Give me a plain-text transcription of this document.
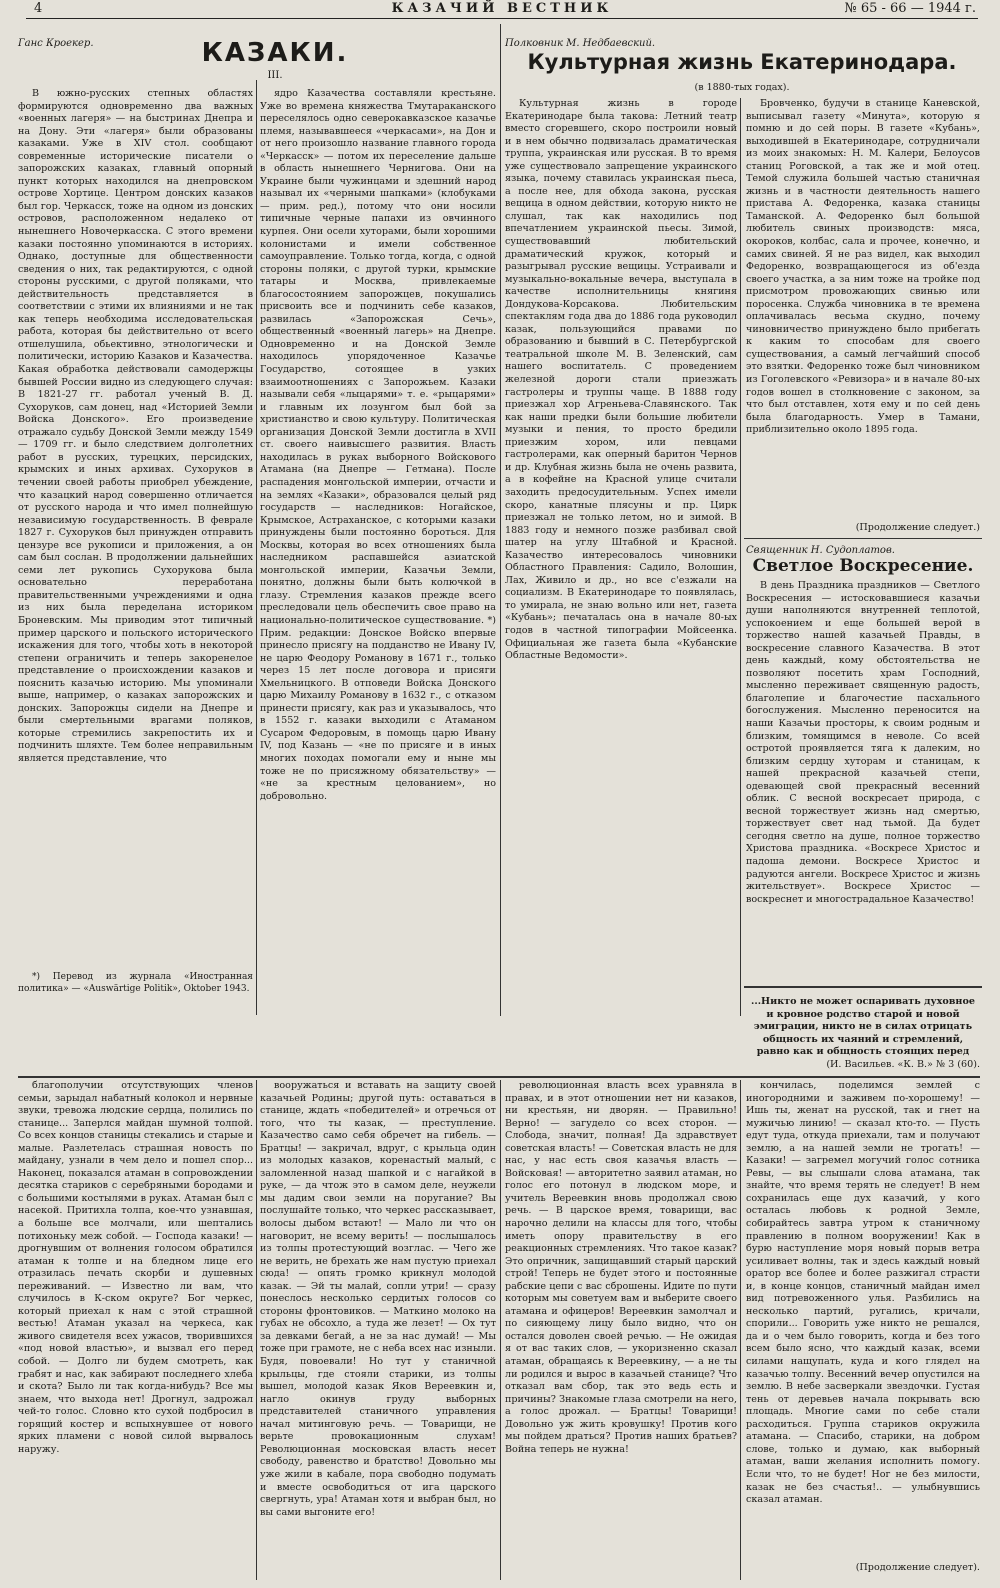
4	КАЗАЧИЙ ВЕСТНИК	№ 65 - 66 — 1944 г.
Ганс Кроекер.	КАЗАКИ.
III.

В южно-русских степных областях формируются одновременно два важных «военных лагеря» — на быстринах Днепра и на Дону. Эти «лагеря» были образованы казаками. Уже в XIV стол. сообщают современные исторические писатели о запорожских казаках, главный опорный пункт которых находился на днепровском острове Хортице. Центром донских казаков был гор. Черкасск, тоже на одном из донских островов, расположенном недалеко от нынешнего Новочеркасска. С этого времени казаки постоянно упоминаются в историях. Однако, доступные для общественности сведения о них, так редактируются, с одной стороны русскими, с другой поляками, что действительность представляется в соответствии с этими их влияниями и не так как теперь необходима исследовательская работа, которая бы действительно от всего отшелушила, обьективно, этнологически и политически, историю Казаков и Казачества. Какая обработка действовали самодержцы бывшей России видно из следующего случая: В 1821-27 гг. работал ученый В. Д. Сухоруков, сам донец, над «Историей Земли Войска Донского». Его произведение отражало судьбу Донской Земли между 1549 — 1709 гг. и было следствием долголетних работ в русских, турецких, персидских, крымских и иных архивах. Сухоруков в течении своей работы приобрел убеждение, что казацкий народ совершенно отличается от русского народа и что имел полнейшую независимую государственность. В феврале 1827 г. Сухоруков был принужден отправить цензуре все рукописи и приложения, а он сам был сослан. В продолжении дальнейших семи лет рукопись Сухорукова была основательно переработана правительственными учреждениями и одна из них была переделана историком Броневским. Мы приводим этот типичный пример царского и польского исторического искажения для того, чтобы хоть в некоторой степени ограничить и теперь закоренелое представление о происхождении казаков и пояснить казачью историю. Мы упоминали выше, например, о казаках запорожских и донских. Запорожцы сидели на Днепре и были смертельными врагами поляков, которые стремились закрепостить их и подчинить шляхте. Тем более неправильным является представление, что

*) Перевод из журнала «Иностранная политика» — «Auswärtige Politik», Oktober 1943.

ядро Казачества составляли крестьяне. Уже во времена княжества Тмутараканского переселялось одно северокавказское казачье племя, называвшееся «черкасами», на Дон и от него произошло название главного города «Черкасск» — потом их переселение дальше в область нынешнего Чернигова. Они на Украине были чужинцами и здешний народ называл их «черными шапками» (клобуками — прим. ред.), потому что они носили типичные черные папахи из овчинного курпея. Они осели хуторами, были хорошими колонистами и имели собственное самоуправление. Только тогда, когда, с одной стороны поляки, с другой турки, крымские татары и Москва, привлекаемые благосостоянием запорожцев, покушались присвоить все и подчинить себе казаков, развилась «Запорожская Сечь», общественный «военный лагерь» на Днепре. Одновременно и на Донской Земле находилось упорядоченное Казачье Государство, сотоящее в узких взаимоотношениях с Запорожьем. Казаки называли себя «лыцарями» т. е. «рыцарями» и главным их лозунгом был бой за христианство и свою культуру. Политическая организация Донской Земли достигла в XVII ст. своего наивысшего развития. Власть находилась в руках выборного Войскового Атамана (на Днепре — Гетмана). После распадения монгольской империи, отчасти и на землях «Казаки», образовался целый ряд государств — наследников: Ногайское, Крымское, Астраханское, с которыми казаки принуждены были постоянно бороться. Для Москвы, которая во всех отношениях была наследником распавшейся азиатской монгольской империи, Казачьи Земли, понятно, должны были быть колючкой в глазу. Стремления казаков прежде всего преследовали цель обеспечить свое право на национально-политическое существование. *) Прим. редакции: Донское Войско впервые принесло присягу на подданство не Ивану IV, не царю Феодору Романову в 1671 г., только через 15 лет после договора и присяги Хмельницкого. В отповеди Войска Донского царю Михаилу Романову в 1632 г., с отказом принести присягу, как раз и указывалось, что в 1552 г. казаки выходили с Атаманом Сусаром Федоровым, в помощь царю Ивану IV, под Казань — «не по присяге и в иных многих походах помогали ему и ныне мы тоже не по присяжному обязательству» — «не за крестным целованием», но добровольно.

Полковник М. Недбаевский.
Культурная жизнь Екатеринодара.
(в 1880-тых годах).

Культурная жизнь в городе Екатеринодаре была такова: Летний театр вместо сгоревшего, скоро построили новый и в нем обычно подвизалась драматическая труппа, украинская или русская. В то время уже существовало запрещение украинского языка, почему ставилась украинская пьеса, а после нее, для обхода закона, русская вещица в одном действии, которую никто не слушал, так как находились под впечатлением украинской пьесы. Зимой, существовавший любительский драматический кружок, который и разыгрывал русские вещицы. Устраивали и музыкально-вокальные вечера, выступала в качестве исполнительницы княгиня Дондукова-Корсакова. Любительским спектаклям года два до 1886 года руководил казак, пользующийся правами по образованию и бывший в С. Петербургской театральной школе М. В. Зеленский, сам нашего воспитатель. С проведением железной дороги стали приезжать гастролеры и труппы чаще. В 1888 году приезжал хор Агреньева-Славянского. Так как наши предки были большие любители музыки и пения, то просто бредили приезжим хором, или певцами гастролерами, как оперный баритон Чернов и др. Клубная жизнь была не очень развита, а в кофейне на Красной улице считали заходить предосудительным. Успех имели скоро, канатные плясуны и пр. Цирк приезжал не только летом, но и зимой. В 1883 году и немного позже разбивал свой шатер на углу Штабной и Красной. Казачество интересовалось чиновники Областного Правления: Садило, Волошин, Лах, Живило и др., но все с'езжали на социализм. В Екатеринодаре то появлялась, то умирала, не знаю вольно или нет, газета «Кубань»; печаталась она в начале 80-ых годов в частной типографии Мойсеенка. Официальная же газета была «Кубанские Областные Ведомости».

Бровченко, будучи в станице Каневской, выписывал газету «Минута», которую я помню и до сей поры. В газете «Кубань», выходившей в Екатеринодаре, сотрудничали из моих знакомых: Н. М. Калери, Белоусов станиц Роговской, а так же и мой отец. Темой служила большей частью станичная жизнь и в частности деятельность нашего пристава А. Федоренка, казака станицы Таманской. А. Федоренко был большой любитель свиных производств: мяса, окороков, колбас, сала и прочее, конечно, и самих свиней. Я не раз видел, как выходил Федоренко, возвращающегося из об'езда своего участка, а за ним тоже на тройке под присмотром провожающих свинью или поросенка. Служба чиновника в те времена оплачивалась весьма скудно, почему чиновничество принуждено было прибегать к каким то способам для своего существования, а самый легчайший способ это взятки. Федоренко тоже был чиновником из Гоголевского «Ревизора» и в начале 80-ых годов вошел в столкновение с законом, за что был отставлен, хотя ему и по сей день была благодарность. Умер в Тамани, приблизительно около 1895 года.

(Продолжение следует.)
Священник Н. Судоплатов.
Светлое Воскресение.

В день Праздника праздников — Светлого Воскресения — истосковавшиеся казачьи души наполняются внутренней теплотой, успокоением и еще большей верой в торжество нашей казачьей Правды, в воскресение славного Казачества. В этот день каждый, кому обстоятельства не позволяют посетить храм Господний, мысленно переживает священную радость, благолепие и благочестие пасхального богослужения. Мысленно переносится на наши Казачьи просторы, к своим родным и близким, томящимся в неволе. Со всей остротой проявляется тяга к далеким, но близким сердцу хуторам и станицам, к нашей прекрасной казачьей степи, одевающей свой прекрасный весенний облик. С весной воскресает природа, с весной торжествует жизнь над смертью, торжествует свет над тьмой. Да будет сегодня светло на душе, полное торжество Христова праздника. «Воскресе Христос и падоша демони. Воскресе Христос и радуются ангели. Воскресе Христос и жизнь жительствует». Воскресе Христос — воскреснет и многострадальное Казачество!

...Никто не может оспаривать духовное и кровное родство старой и новой эмиграции, никто не в силах отрицать общность их чаяний и стремлений, равно как и общность стоящих перед
(И. Васильев. «К. В.» № 3 (60).

благополучии отсутствующих членов семьи, зарыдал набатный колокол и нервные звуки, тревожа людские сердца, полились по станице... Заперлся майдан шумной толпой. Со всех концов станицы стекались и старые и малые. Разлетелась страшная новость по майдану, узнали в чем дело и пошел спор... Наконец, показался атаман в сопровождении десятка стариков с серебряными бородами и с большими костылями в руках. Атаман был с насекой. Притихла толпа, кое-что узнавшая, а больше все молчали, или шептались потихоньку меж собой. — Господа казаки! — дрогнувшим от волнения голосом обратился атаман к толпе и на бледном лице его отразилась печать скорби и душевных переживаний. — Известно ли вам, что случилось в К-ском округе? Бог черкес, который приехал к нам с этой страшной вестью! Атаман указал на черкеса, как живого свидетеля всех ужасов, творившихся «под новой властью», и вызвал его перед собой. — Долго ли будем смотреть, как грабят и нас, как забирают последнего хлеба и скота? Было ли так когда-нибудь? Все мы знаем, что выхода нет! Дрогнул, задрожал чей-то голос. Словно кто сухой подбросил в горящий костер и вспыхнувшее от нового ярких пламени с новой силой вырвалось наружу.

вооружаться и вставать на защиту своей казачьей Родины; другой путь: оставаться в станице, ждать «победителей» и отречься от того, что ты казак, — преступление. Казачество само себя обречет на гибель. — Братцы! — закричал, вдруг, с крыльца один из молодых казаков, коренастый малый, с заломленной назад шапкой и с нагайкой в руке, — да чтож это в самом деле, неужели мы дадим свои земли на поругание? Вы послушайте только, что черкес рассказывает, волосы дыбом встают! — Мало ли что он наговорит, не всему верить! — послышалось из толпы протестующий возглас. — Чего же не верить, не брехать же нам пустую приехал сюда! — опять громко крикнул молодой казак. — Эй ты малай, сопли утри! — сразу понеслось несколько сердитых голосов со стороны фронтовиков. — Маткино молоко на губах не обсохло, а туда же лезет! — Ох тут за девками бегай, а не за нас думай! — Мы тоже при грамоте, не с неба всех нас изныли. Будя, повоевали! Но тут у станичной крыльцы, где стояли старики, из толпы вышел, молодой казак Яков Вереевкин и, нагло окинув груду выборных представителей станичного управления начал митинговую речь. — Товарищи, не верьте провокационным слухам! Революционная московская власть несет свободу, равенство и братство! Довольно мы уже жили в кабале, пора свободно подумать и вместе освободиться от ига царского свергнуть, ура! Атаман хотя и выбран был, но вы сами выгоните его!

революционная власть всех уравняла в правах, и в этот отношении нет ни казаков, ни крестьян, ни дворян. — Правильно! Верно! — загудело со всех сторон. — Слобода, значит, полная! Да здравствует советская власть! — Советская власть не для нас, у нас есть своя казачья власть — Войсковая! — авторитетно заявил атаман, но голос его потонул в людском море, и учитель Вереевкин вновь продолжал свою речь. — В царское время, товарищи, вас нарочно делили на классы для того, чтобы иметь опору правительству в его реакционных стремлениях. Что такое казак? Это опричник, защищавший старый царский строй! Теперь не будет этого и постоянные рабские цепи с вас сброшены. Идите по пути которым мы советуем вам и выберите своего атамана и офицеров! Вереевкин замолчал и по сияющему лицу было видно, что он остался доволен своей речью. — Не ожидая я от вас таких слов, — укоризненно сказал атаман, обращаясь к Вереевкину, — а не ты ли родился и вырос в казачьей станице? Что отказал вам сбор, так это ведь есть и причины? Знакомые глаза смотрели на него, а голос дрожал. — Братцы! Товарищи! Довольно уж жить кровушку! Против кого мы пойдем драться? Против наших братьев? Война теперь не нужна!

кончилась, поделимся землей с иногородними и заживем по-хорошему! — Ишь ты, женат на русской, так и гнет на мужичью линию! — сказал кто-то. — Пусть едут туда, откуда приехали, там и получают землю, а на нашей земли не трогать! — Казаки! — загремел могучий голос сотника Ревы, — вы слышали слова атамана, так знайте, что время терять не следует! В нем сохранилась еще дух казачий, у кого осталась любовь к родной Земле, собирайтесь завтра утром к станичному правлению в полном вооружении! Как в бурю наступление моря новый порыв ветра усиливает волны, так и здесь каждый новый оратор все более и более разжигал страсти и, в конце концов, станичный майдан имел вид потревоженного улья. Разбились на несколько партий, ругались, кричали, спорили... Говорить уже никто не решался, да и о чем было говорить, когда и без того всем было ясно, что каждый казак, всеми силами нащупать, куда и кого глядел на казачью толпу. Весенний вечер опустился на землю. В небе засверкали звездочки. Густая тень от деревьев начала покрывать всю площадь. Многие сами по себе стали расходиться. Группа стариков окружила атамана. — Спасибо, старики, на добром слове, только и думаю, как выборный атаман, ваши желания исполнить помогу. Если что, то не будет! Ног не без милости, казак не без счастья!.. — улыбнувшись сказал атаман.

(Продолжение следует).
